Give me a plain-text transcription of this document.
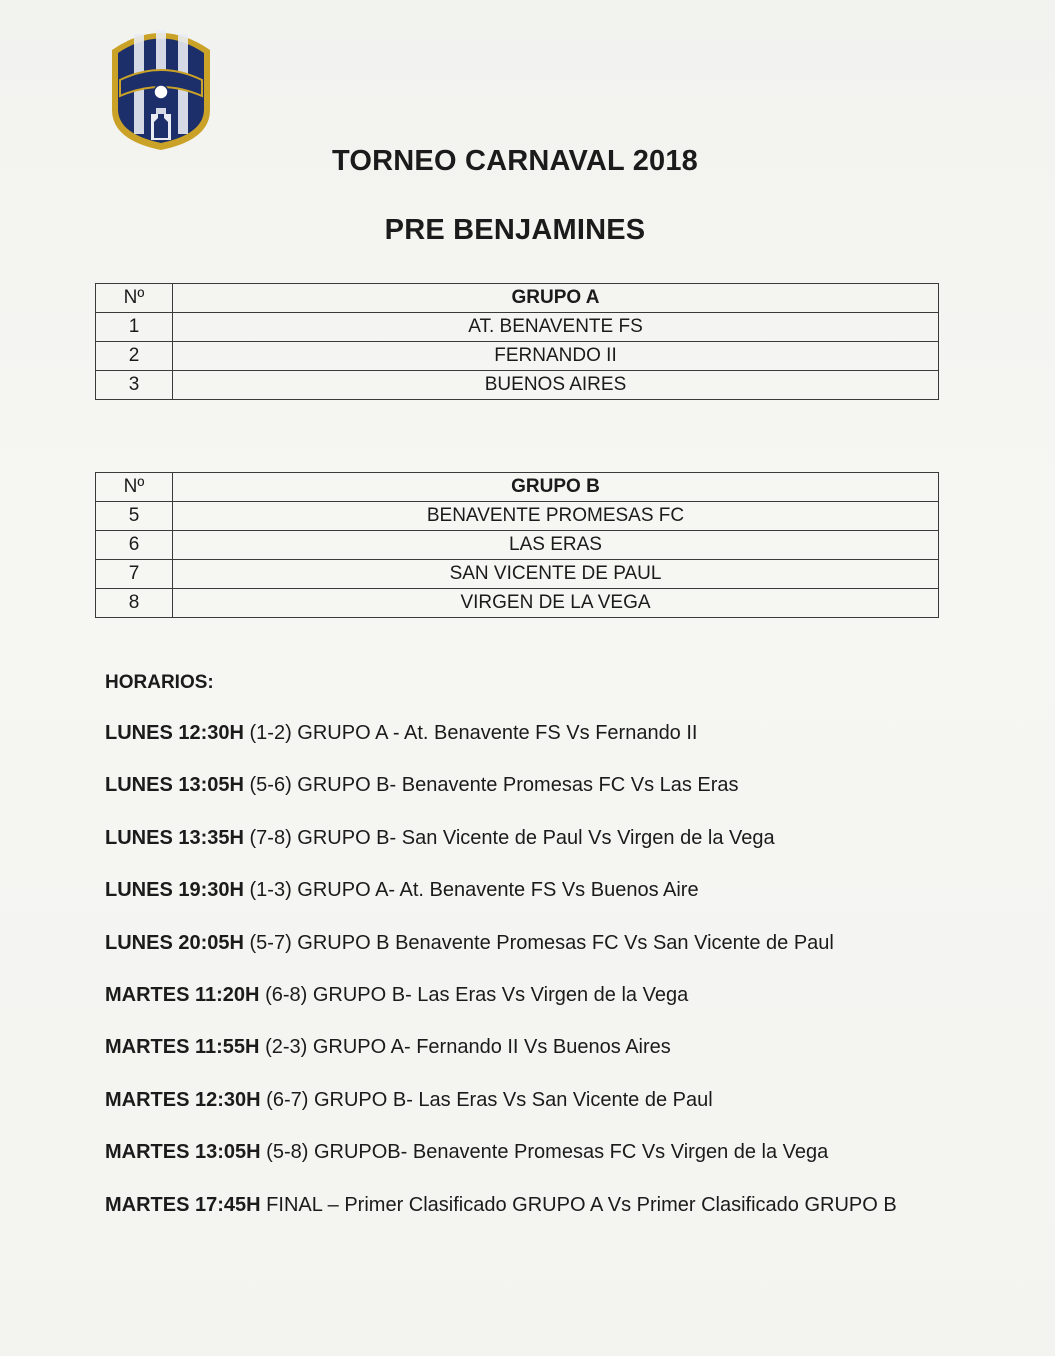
TORNEO CARNAVAL 2018
PRE BENJAMINES
Nº	GRUPO A
1	AT. BENAVENTE FS
2	FERNANDO II
3	BUENOS AIRES
Nº	GRUPO B
5	BENAVENTE PROMESAS FC
6	LAS ERAS
7	SAN VICENTE DE PAUL
8	VIRGEN DE LA VEGA
HORARIOS:
LUNES 12:30H (1-2) GRUPO A - At. Benavente FS Vs Fernando II
LUNES 13:05H (5-6) GRUPO B- Benavente Promesas FC Vs Las Eras
LUNES 13:35H (7-8) GRUPO B- San Vicente de Paul Vs Virgen de la Vega
LUNES 19:30H (1-3) GRUPO A- At. Benavente FS Vs Buenos Aire
LUNES 20:05H (5-7) GRUPO B Benavente Promesas FC Vs San Vicente de Paul
MARTES 11:20H (6-8) GRUPO B- Las Eras Vs Virgen de la Vega
MARTES 11:55H (2-3) GRUPO A- Fernando II Vs Buenos Aires
MARTES 12:30H (6-7) GRUPO B- Las Eras Vs San Vicente de Paul
MARTES 13:05H (5-8) GRUPOB- Benavente Promesas FC Vs Virgen de la Vega
MARTES 17:45H FINAL – Primer Clasificado GRUPO A Vs Primer Clasificado GRUPO B
